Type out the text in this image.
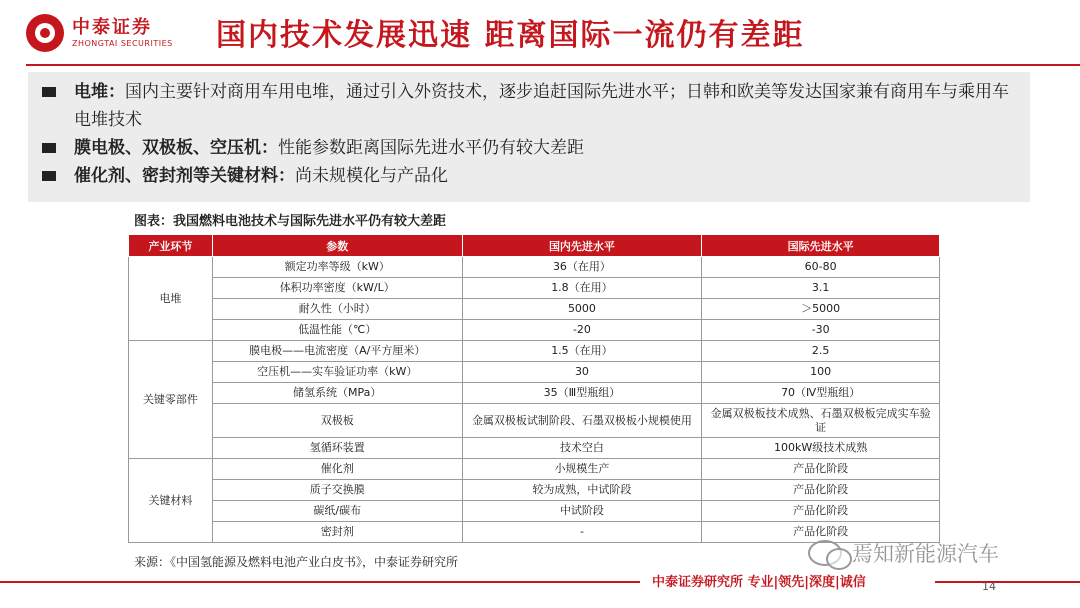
中泰证券
ZHONGTAI SECURITIES 国内技术发展迅速 距离国际一流仍有差距
电堆：国内主要针对商用车用电堆，通过引入外资技术，逐步追赶国际先进水平；日韩和欧美等发达国家兼有商用车与乘用车电堆技术
膜电极、双极板、空压机：性能参数距离国际先进水平仍有较大差距
催化剂、密封剂等关键材料：尚未规模化与产品化
图表：我国燃料电池技术与国际先进水平仍有较大差距
产业环节	参数	国内先进水平	国际先进水平
电堆	额定功率等级（kW）	36（在用）	60-80
	体积功率密度（kW/L）	1.8（在用）	3.1
	耐久性（小时）	5000	＞5000
	低温性能（℃）	-20	-30
关键零部件	膜电极——电流密度（A/平方厘米）	1.5（在用）	2.5
	空压机——实车验证功率（kW）	30	100
	储氢系统（MPa）	35（Ⅲ型瓶组）	70（Ⅳ型瓶组）
	双极板	金属双极板试制阶段、石墨双极板小规模使用	金属双极板技术成熟、石墨双极板完成实车验证
	氢循环装置	技术空白	100kW级技术成熟
关键材料	催化剂	小规模生产	产品化阶段
	质子交换膜	较为成熟，中试阶段	产品化阶段
	碳纸/碳布	中试阶段	产品化阶段
	密封剂	-	产品化阶段
来源：《中国氢能源及燃料电池产业白皮书》，中泰证券研究所	焉知新能源汽车
中泰证券研究所 专业|领先|深度|诚信	14
